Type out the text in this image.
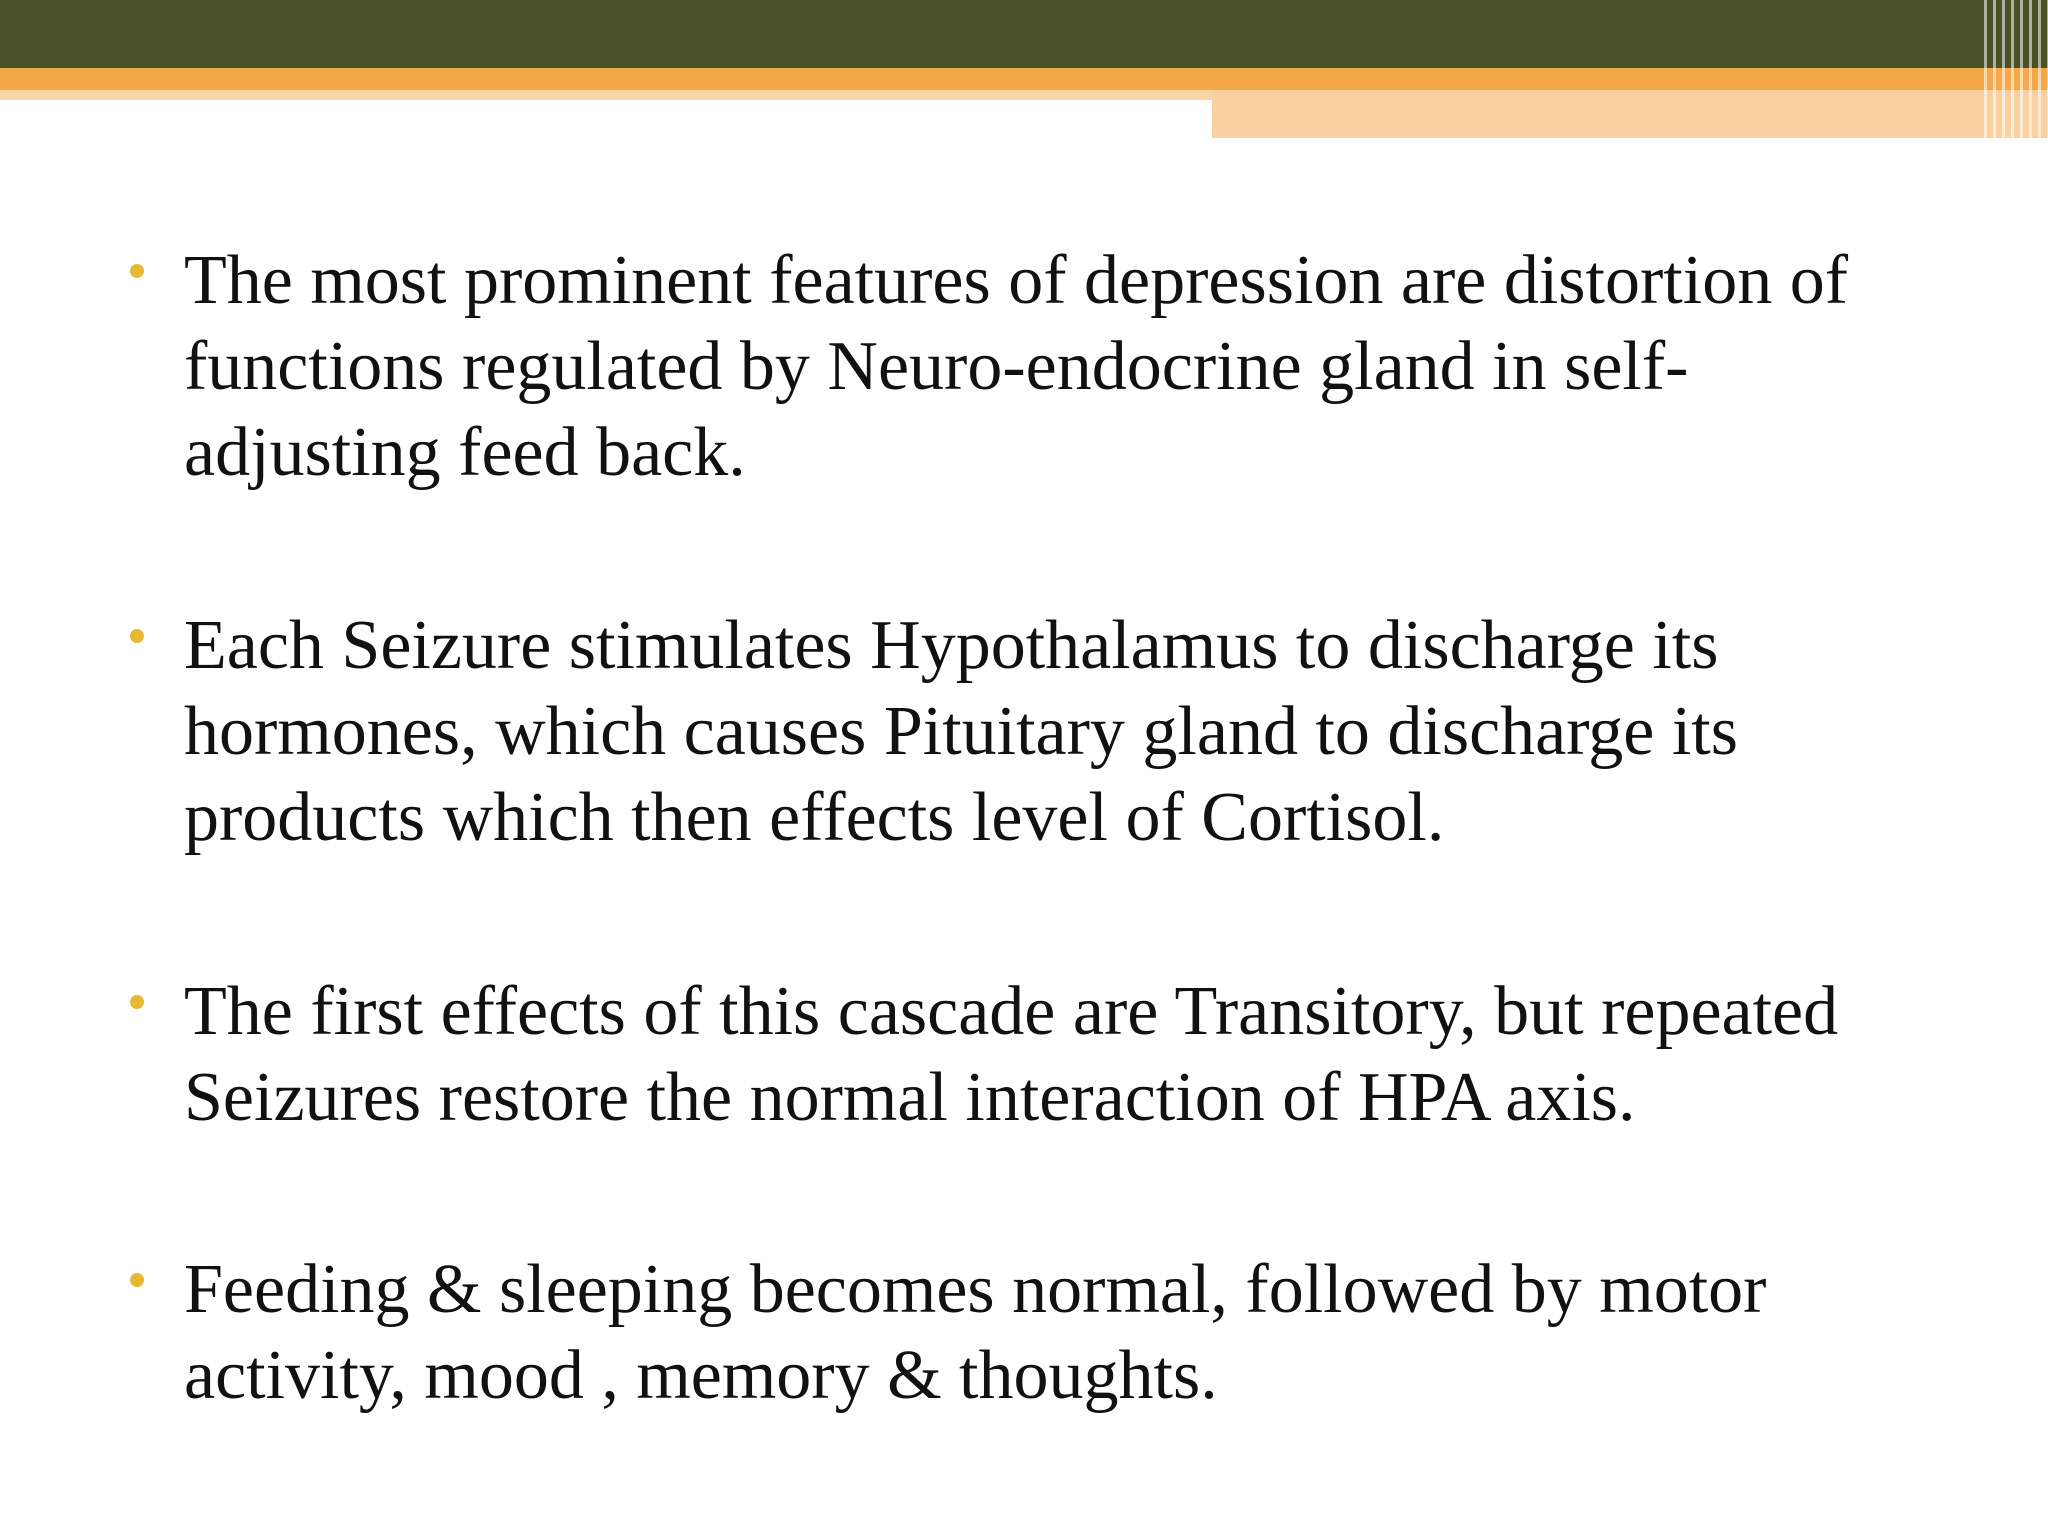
The most prominent features of depression are distortion of
functions regulated by Neuro-endocrine gland in self-
adjusting feed back.
Each Seizure stimulates Hypothalamus to discharge its
hormones, which causes Pituitary gland to discharge its
products which then effects level of Cortisol.
The first effects of this cascade are Transitory, but repeated
Seizures restore the normal interaction of HPA axis.
Feeding & sleeping becomes normal, followed by motor
activity, mood , memory & thoughts.
